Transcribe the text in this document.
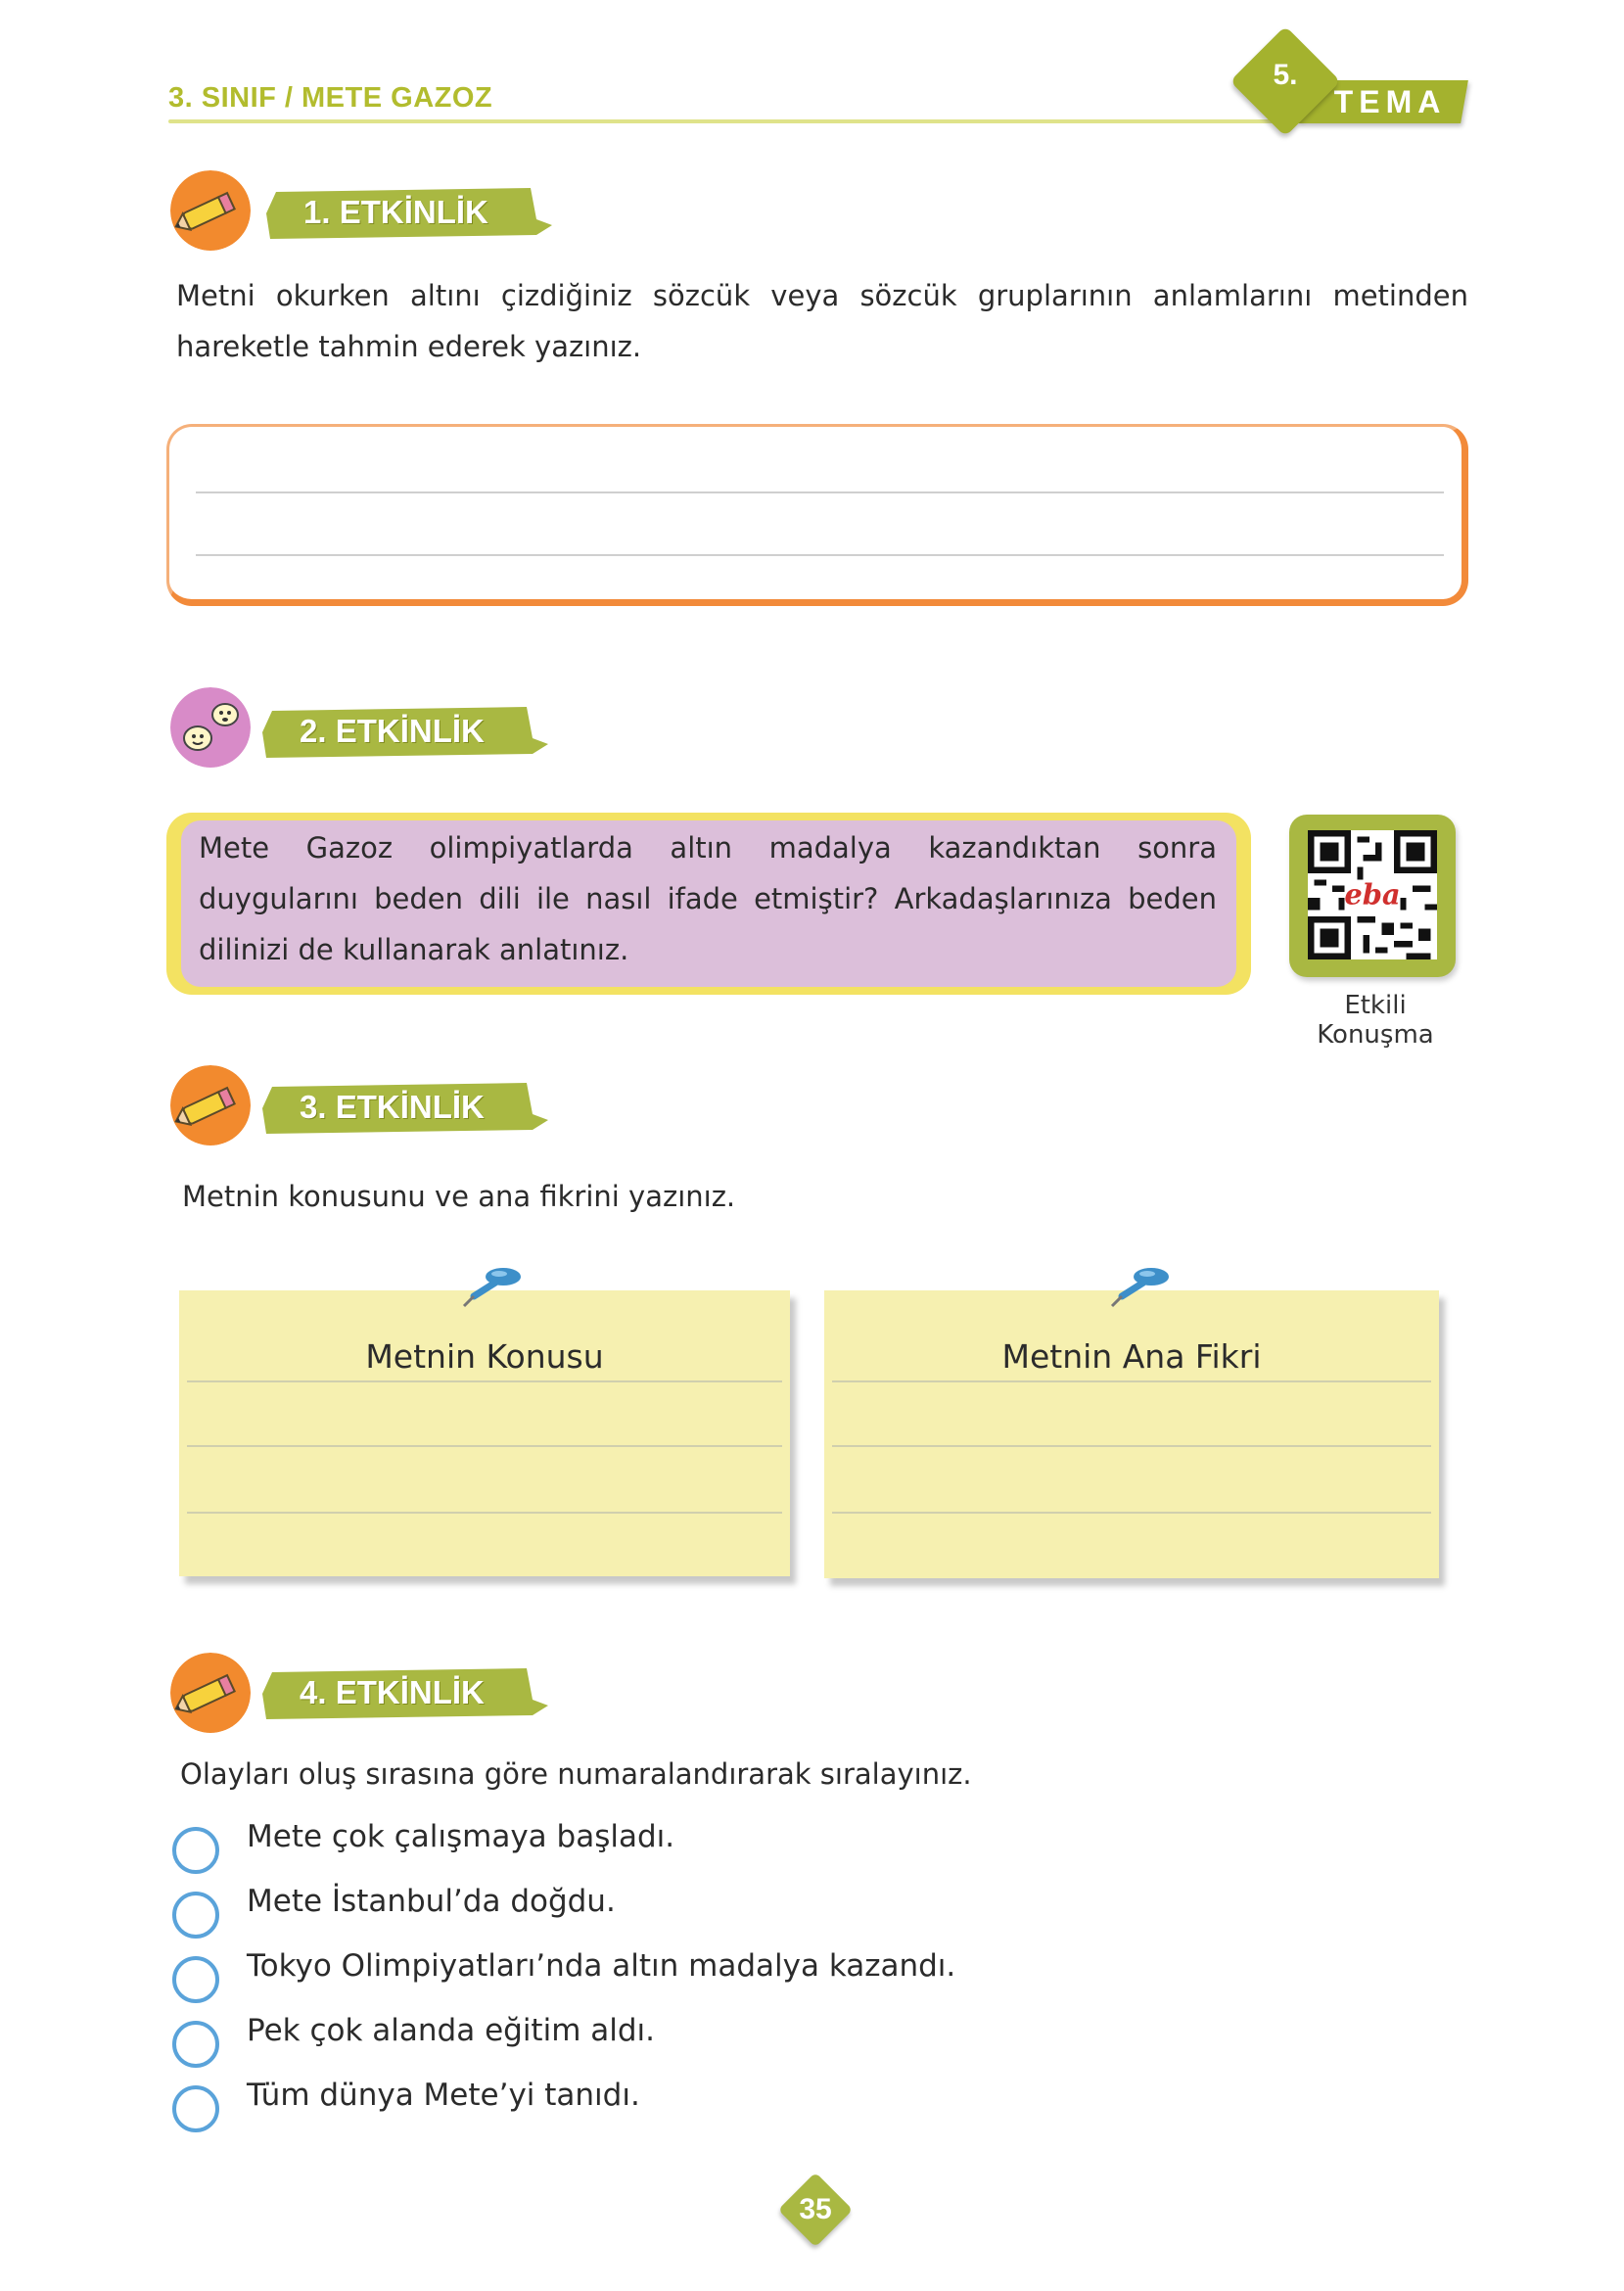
3. SINIF / METE GAZOZ	TEMA
5.
1. ETKİNLİK
Metni okurken altını çizdiğiniz sözcük veya sözcük gruplarının anlamlarını metinden hareketle tahmin ederek yazınız.
2. ETKİNLİK
Mete Gazoz olimpiyatlarda altın madalya kazandıktan sonra duygularını beden dili ile nasıl ifade etmiştir? Arkadaşlarınıza beden dilinizi de kullanarak anlatınız.
eba
Etkili Konuşma
3. ETKİNLİK
Metnin konusunu ve ana fikrini yazınız.
Metnin Konusu	Metnin Ana Fikri
4. ETKİNLİK
Olayları oluş sırasına göre numaralandırarak sıralayınız.
Mete çok çalışmaya başladı.
Mete İstanbul’da doğdu.
Tokyo Olimpiyatları’nda altın madalya kazandı.
Pek çok alanda eğitim aldı.
Tüm dünya Mete’yi tanıdı.
35
